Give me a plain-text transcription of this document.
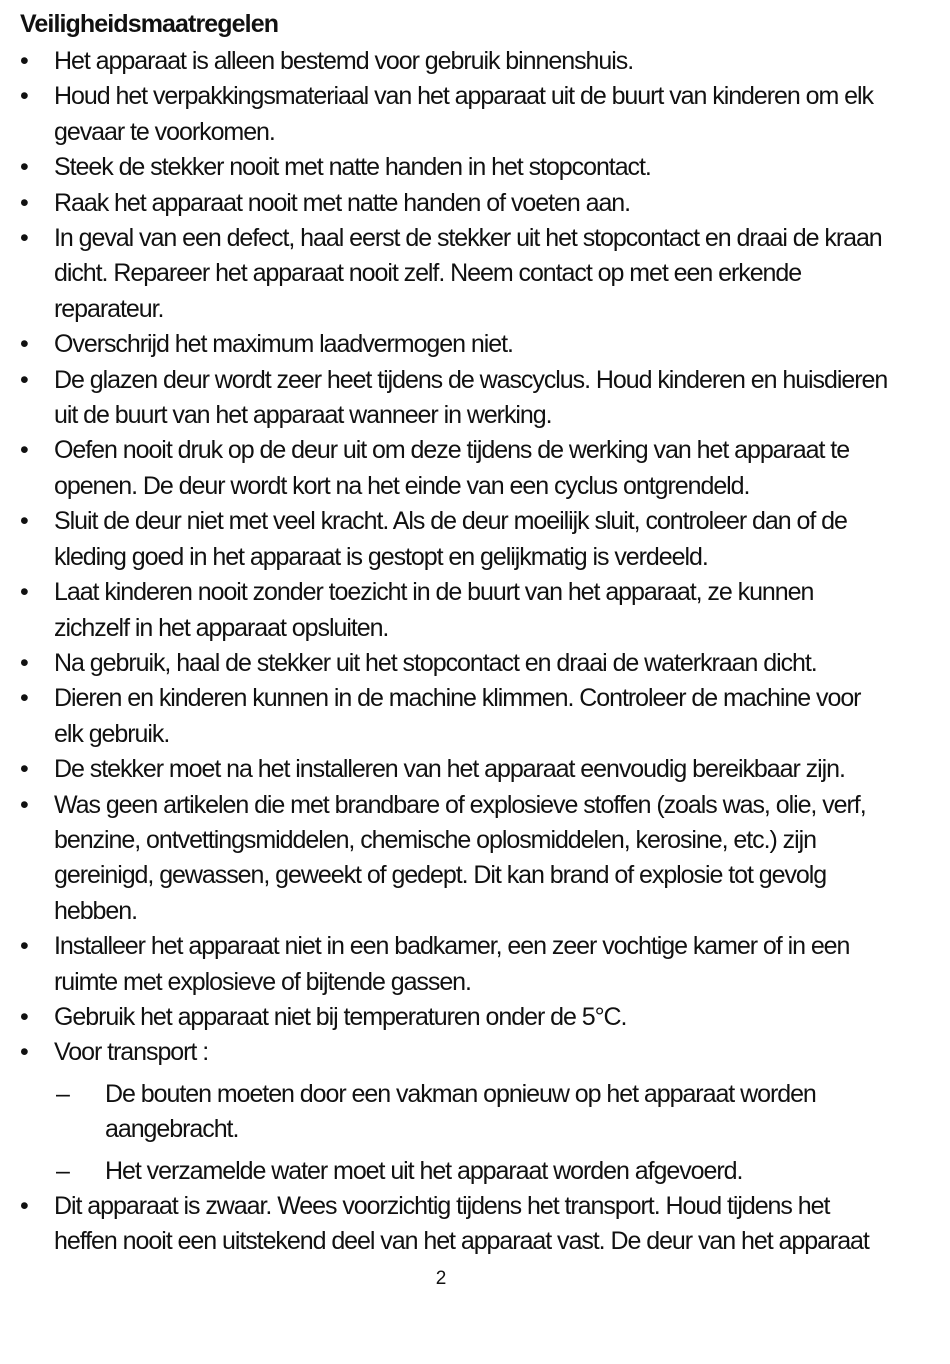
Veiligheidsmaatregelen
• Het apparaat is alleen bestemd voor gebruik binnenshuis.
• Houd het verpakkingsmateriaal van het apparaat uit de buurt van kinderen om elk gevaar te voorkomen.
• Steek de stekker nooit met natte handen in het stopcontact.
• Raak het apparaat nooit met natte handen of voeten aan.
• In geval van een defect, haal eerst de stekker uit het stopcontact en draai de kraan dicht. Repareer het apparaat nooit zelf. Neem contact op met een erkende reparateur.
• Overschrijd het maximum laadvermogen niet.
• De glazen deur wordt zeer heet tijdens de wascyclus. Houd kinderen en huisdieren uit de buurt van het apparaat wanneer in werking.
• Oefen nooit druk op de deur uit om deze tijdens de werking van het apparaat te openen. De deur wordt kort na het einde van een cyclus ontgrendeld.
• Sluit de deur niet met veel kracht. Als de deur moeilijk sluit, controleer dan of de kleding goed in het apparaat is gestopt en gelijkmatig is verdeeld.
• Laat kinderen nooit zonder toezicht in de buurt van het apparaat, ze kunnen zichzelf in het apparaat opsluiten.
• Na gebruik, haal de stekker uit het stopcontact en draai de waterkraan dicht.
• Dieren en kinderen kunnen in de machine klimmen. Controleer de machine voor elk gebruik.
• De stekker moet na het installeren van het apparaat eenvoudig bereikbaar zijn.
• Was geen artikelen die met brandbare of explosieve stoffen (zoals was, olie, verf, benzine, ontvettingsmiddelen, chemische oplosmiddelen, kerosine, etc.) zijn gereinigd, gewassen, geweekt of gedept. Dit kan brand of explosie tot gevolg hebben.
• Installeer het apparaat niet in een badkamer, een zeer vochtige kamer of in een ruimte met explosieve of bijtende gassen.
• Gebruik het apparaat niet bij temperaturen onder de 5°C.
• Voor transport :
– De bouten moeten door een vakman opnieuw op het apparaat worden aangebracht.
– Het verzamelde water moet uit het apparaat worden afgevoerd.
• Dit apparaat is zwaar. Wees voorzichtig tijdens het transport. Houd tijdens het heffen nooit een uitstekend deel van het apparaat vast. De deur van het apparaat
2
